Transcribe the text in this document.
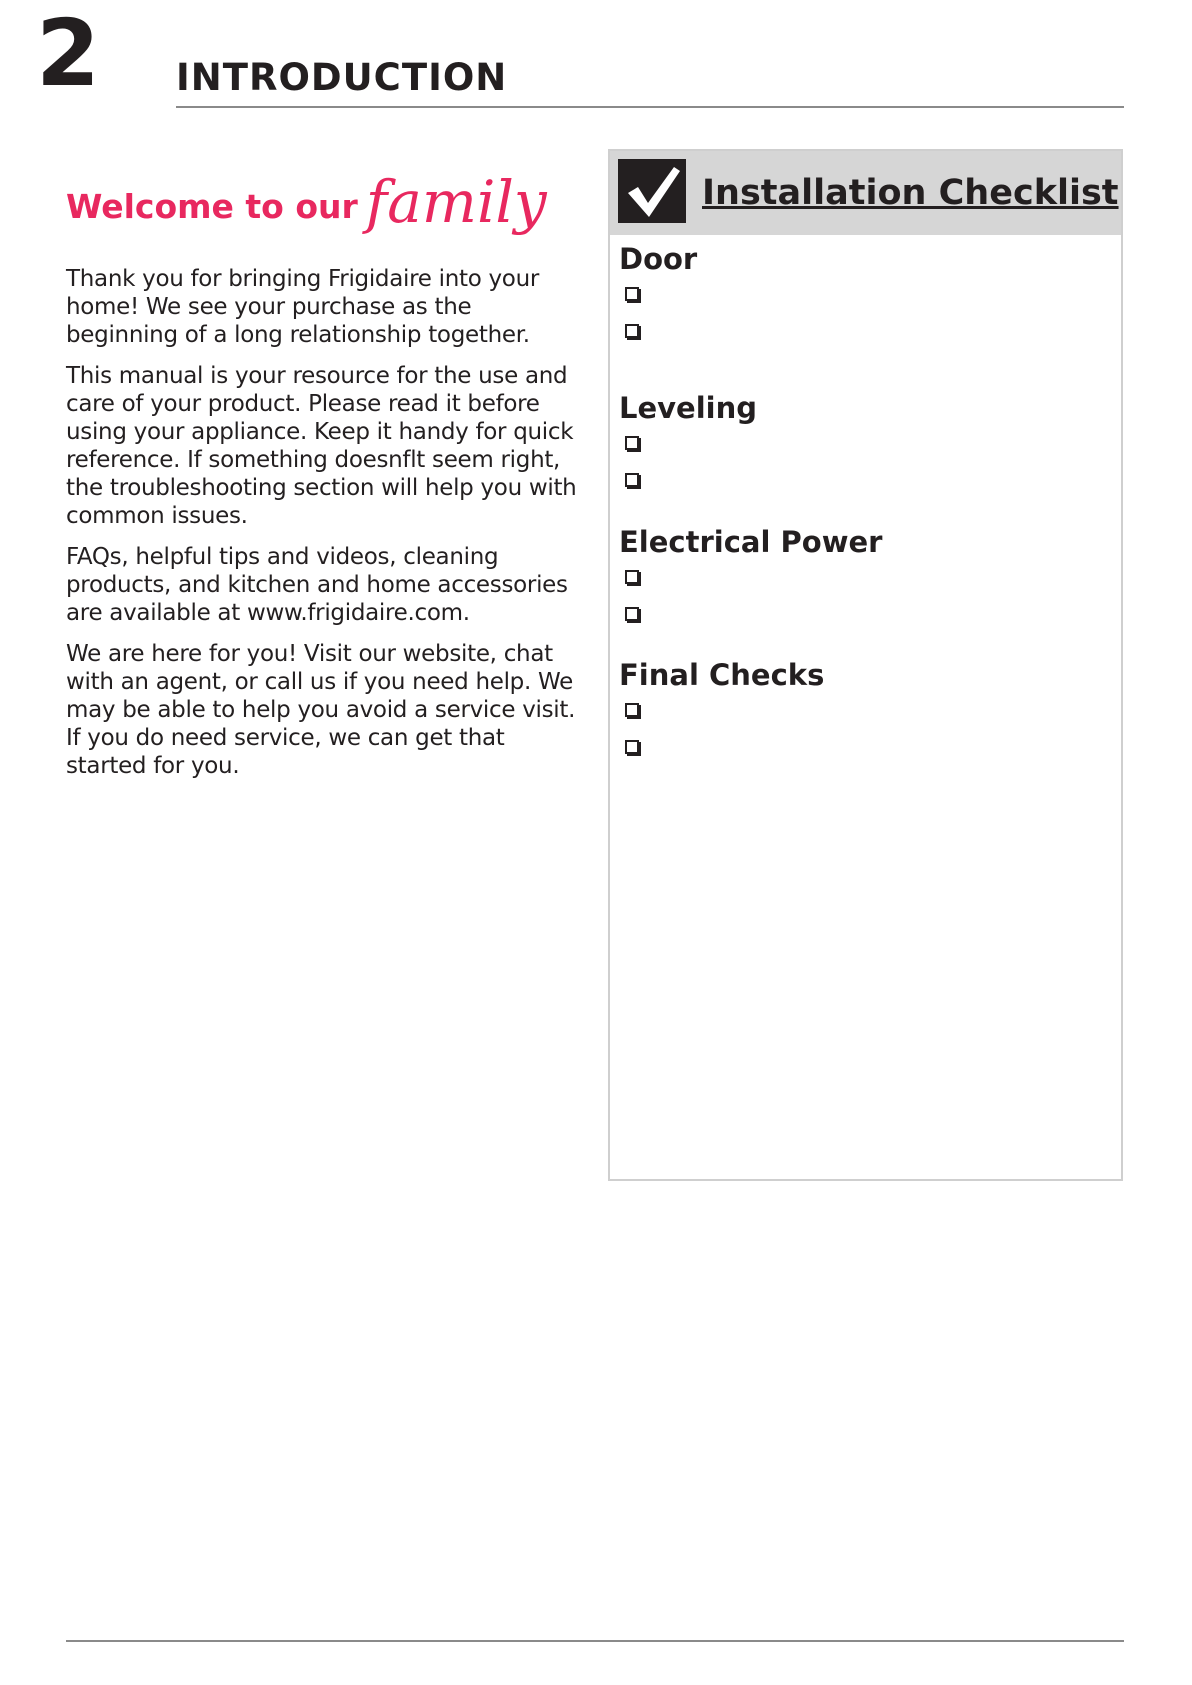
2 INTRODUCTION
Welcome to our family

Thank you for bringing Frigidaire into your home! We see your purchase as the beginning of a long relationship together.

This manual is your resource for the use and care of your product. Please read it before using your appliance. Keep it handy for quick reference. If something doesnflt seem right, the troubleshooting section will help you with common issues.

FAQs, helpful tips and videos, cleaning products, and kitchen and home accessories are available at www.frigidaire.com.

We are here for you! Visit our website, chat with an agent, or call us if you need help. We may be able to help you avoid a service visit. If you do need service, we can get that started for you.

Installation Checklist
Door
Leveling
Electrical Power
Final Checks
